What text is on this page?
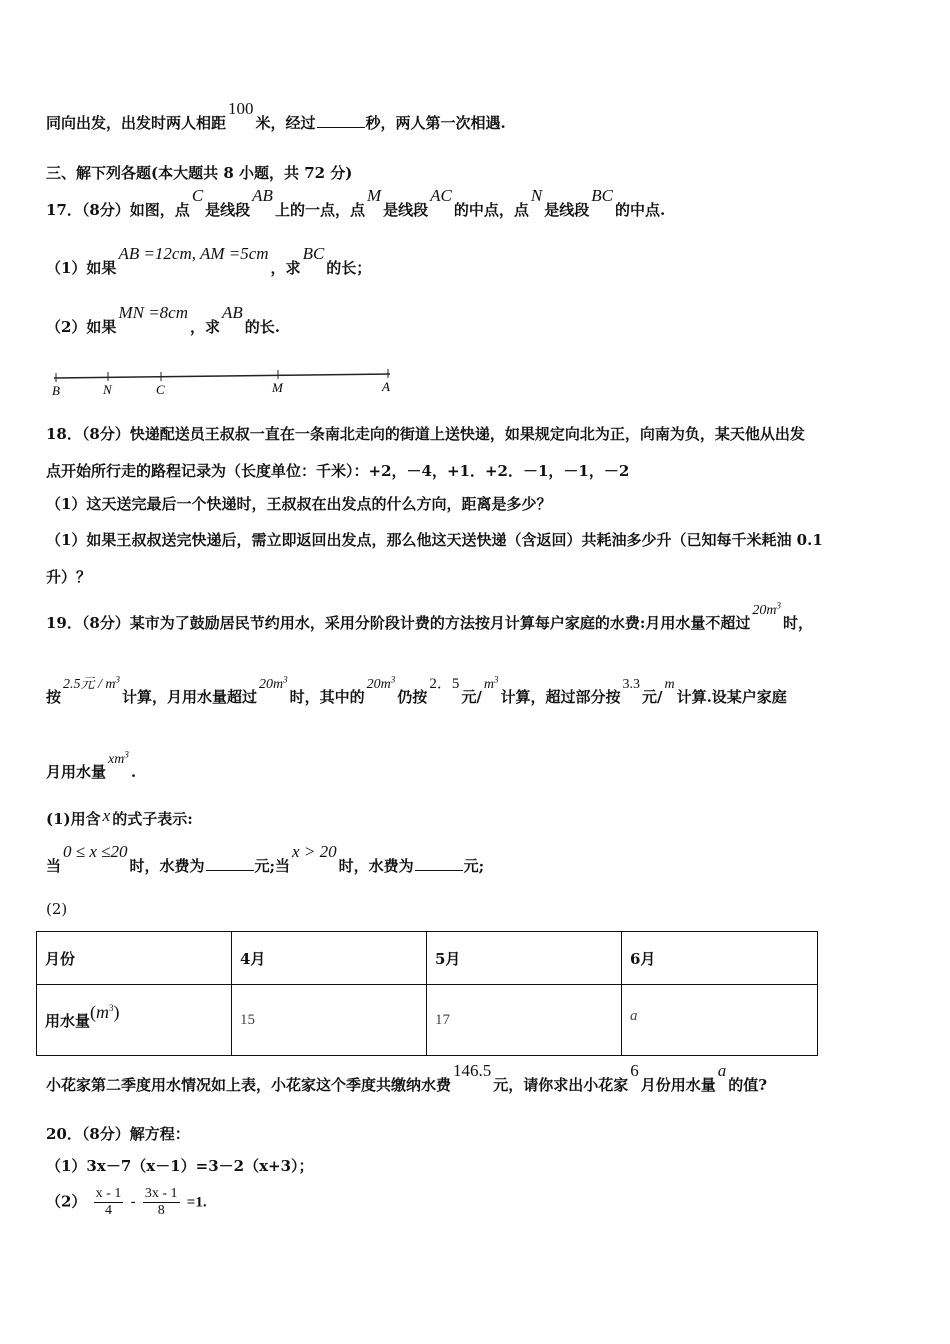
同向出发，出发时两人相距100米，经过	秒，两人第一次相遇.
三、解下列各题(本大题共 8 小题，共 72 分)
17．（8分）如图，点C是线段AB上的一点，点M是线段AC的中点，点N是线段BC的中点.
（1）如果AB =12cm, AM =5cm，求BC的长；
（2）如果MN =8cm，求AB的长.
B	N	C	M	A
18．（8分）快递配送员王叔叔一直在一条南北走向的街道上送快递，如果规定向北为正，向南为负，某天他从出发
点开始所行走的路程记录为（长度单位：千米）：+2，－4，+1．+2．－1，－1，－2
（1）这天送完最后一个快递时，王叔叔在出发点的什么方向，距离是多少？
（1）如果王叔叔送完快递后，需立即返回出发点，那么他这天送快递（含返回）共耗油多少升（已知每千米耗油 0.1
升）？
19．（8分）某市为了鼓励居民节约用水，采用分阶段计费的方法按月计算每户家庭的水费:月用水量不超过$20m^3$时，
按2.5元 / $m^3$计算，月用水量超过$20m^3$时，其中的$20m^3$仍按2．5元$/m^3$计算，超过部分按3.3元/m计算.设某户家庭
月用水量$xm^3$.
(1)用含 x 的式子表示:
当0 ≤ x ≤20时，水费为	元;当x > 20时，水费为	元;
(2)
月份	4月	5月	6月
用水量$(m^3)$	15	17	a
小花家第二季度用水情况如上表，小花家这个季度共缴纳水费146.5元，请你求出小花家6月份用水量a的值?
20．（8分）解方程：
（1）3x－7（x－1）=3－2（x+3）；
$(2) \frac{x - 1}{4} - \frac{3x - 1}{8} =1$.
